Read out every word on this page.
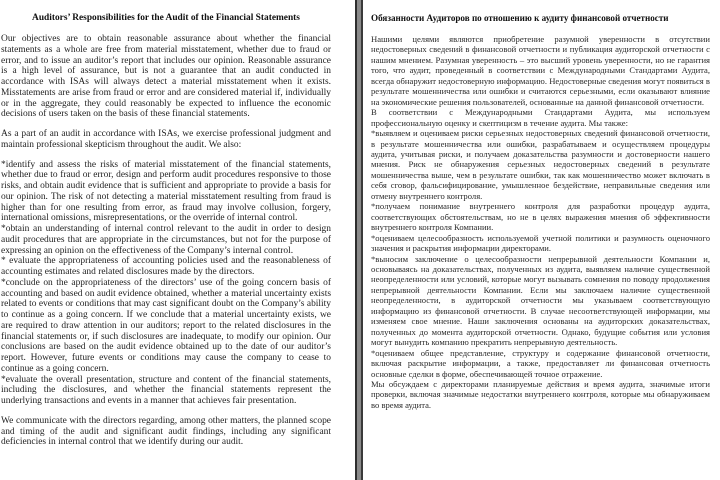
Auditors’ Responsibilities for the Audit of the Financial Statements

Our objectives are to obtain reasonable assurance about whether the financial statements as a whole are free from material misstatement, whether due to fraud or error, and to issue an auditor’s report that includes our opinion. Reasonable assurance is a high level of assurance, but is not a guarantee that an audit conducted in accordance with ISAs will always detect a material misstatement when it exists. Misstatements are arise from fraud or error and are considered material if, individually or in the aggregate, they could reasonably be expected to influence the economic decisions of users taken on the basis of these financial statements.

As a part of an audit in accordance with ISAs, we exercise professional judgment and maintain professional skepticism throughout the audit. We also:

*identify and assess the risks of material misstatement of the financial statements, whether due to fraud or error, design and perform audit procedures responsive to those risks, and obtain audit evidence that is sufficient and appropriate to provide a basis for our opinion. The risk of not detecting a material misstatement resulting from fraud is higher than for one resulting from error, as fraud may involve collusion, forgery, international omissions, misrepresentations, or the override of internal control.

*obtain an understanding of internal control relevant to the audit in order to design audit procedures that are appropriate in the circumstances, but not for the purpose of expressing an opinion on the effectiveness of the Company’s internal control.

* evaluate the appropriateness of accounting policies used and the reasonableness of accounting estimates and related disclosures made by the directors.

*conclude on the appropriateness of the directors’ use of the going concern basis of accounting and based on audit evidence obtained, whether a material uncertainty exists related to events or conditions that may cast significant doubt on the Company’s ability to continue as a going concern. If we conclude that a material uncertainty exists, we are required to draw attention in our auditors; report to the related disclosures in the financial statements or, if such disclosures are inadequate, to modify our opinion. Our conclusions are based on the audit evidence obtained up to the date of our auditor’s report. However, future events or conditions may cause the company to cease to continue as a going concern.

*evaluate the overall presentation, structure and content of the financial statements, including the disclosures, and whether the financial statements represent the underlying transactions and events in a manner that achieves fair presentation.

We communicate with the directors regarding, among other matters, the planned scope and timing of the audit and significant audit findings, including any significant deficiencies in internal control that we identify during our audit.

Обязанности Аудиторов по отношению к аудиту финансовой отчетности

Нашими целями являются приобретение разумной уверенности в отсутствии недостоверных сведений в финансовой отчетности и публикация аудиторской отчетности с нашим мнением. Разумная уверенность – это высший уровень уверенности, но не гарантия того, что аудит, проведенный в соответствии с Международными Стандартами Аудита, всегда обнаружит недостоверную информацию. Недостоверные сведения могут появиться в результате мошенничества или ошибки и считаются серьезными, если оказывают влияние на экономические решения пользователей, основанные на данной финансовой отчетности.

В соответствии с Международными Стандартами Аудита, мы используем профессиональную оценку и скептицизм в течение аудита. Мы также:

*выявляем и оцениваем риски серьезных недостоверных сведений финансовой отчетности, в результате мошенничества или ошибки, разрабатываем и осуществляем процедуры аудита, учитывая риски, и получаем доказательства разумности и достоверности нашего мнения. Риск не обнаружения серьезных недостоверных сведений в результате мошенничества выше, чем в результате ошибки, так как мошенничество может включать в себя сговор, фальсифицирование, умышленное бездействие, неправильные сведения или отмену внутреннего контроля.

*получаем понимание внутреннего контроля для разработки процедур аудита, соответствующих обстоятельствам, но не в целях выражения мнения об эффективности внутреннего контроля Компании.

*оцениваем целесообразность используемой учетной политики и разумность оценочного значения и раскрытия информации директорами.

*выносим заключение о целесообразности непрерывной деятельности Компании и, основываясь на доказательствах, полученных из аудита, выявляем наличие существенной неопределенности или условий, которые могут вызывать сомнения по поводу продолжения непрерывной деятельности Компании. Если мы заключаем наличие существенной неопределенности, в аудиторской отчетности мы указываем соответствующую информацию из финансовой отчетности. В случае несоответствующей информации, мы изменяем свое мнение. Наши заключения основаны на аудиторских доказательствах, полученных до момента аудиторской отчетности. Однако, будущие события или условия могут вынудить компанию прекратить непрерывную деятельность.

*оцениваем общее представление, структуру и содержание финансовой отчетности, включая раскрытие информации, а также, предоставляет ли финансовая отчетность основные сделки в форме, обеспечивающей точное отражение.

Мы обсуждаем с директорами планируемые действия и время аудита, значимые итоги проверки, включая значимые недостатки внутреннего контроля, которые мы обнаруживаем во время аудита.
